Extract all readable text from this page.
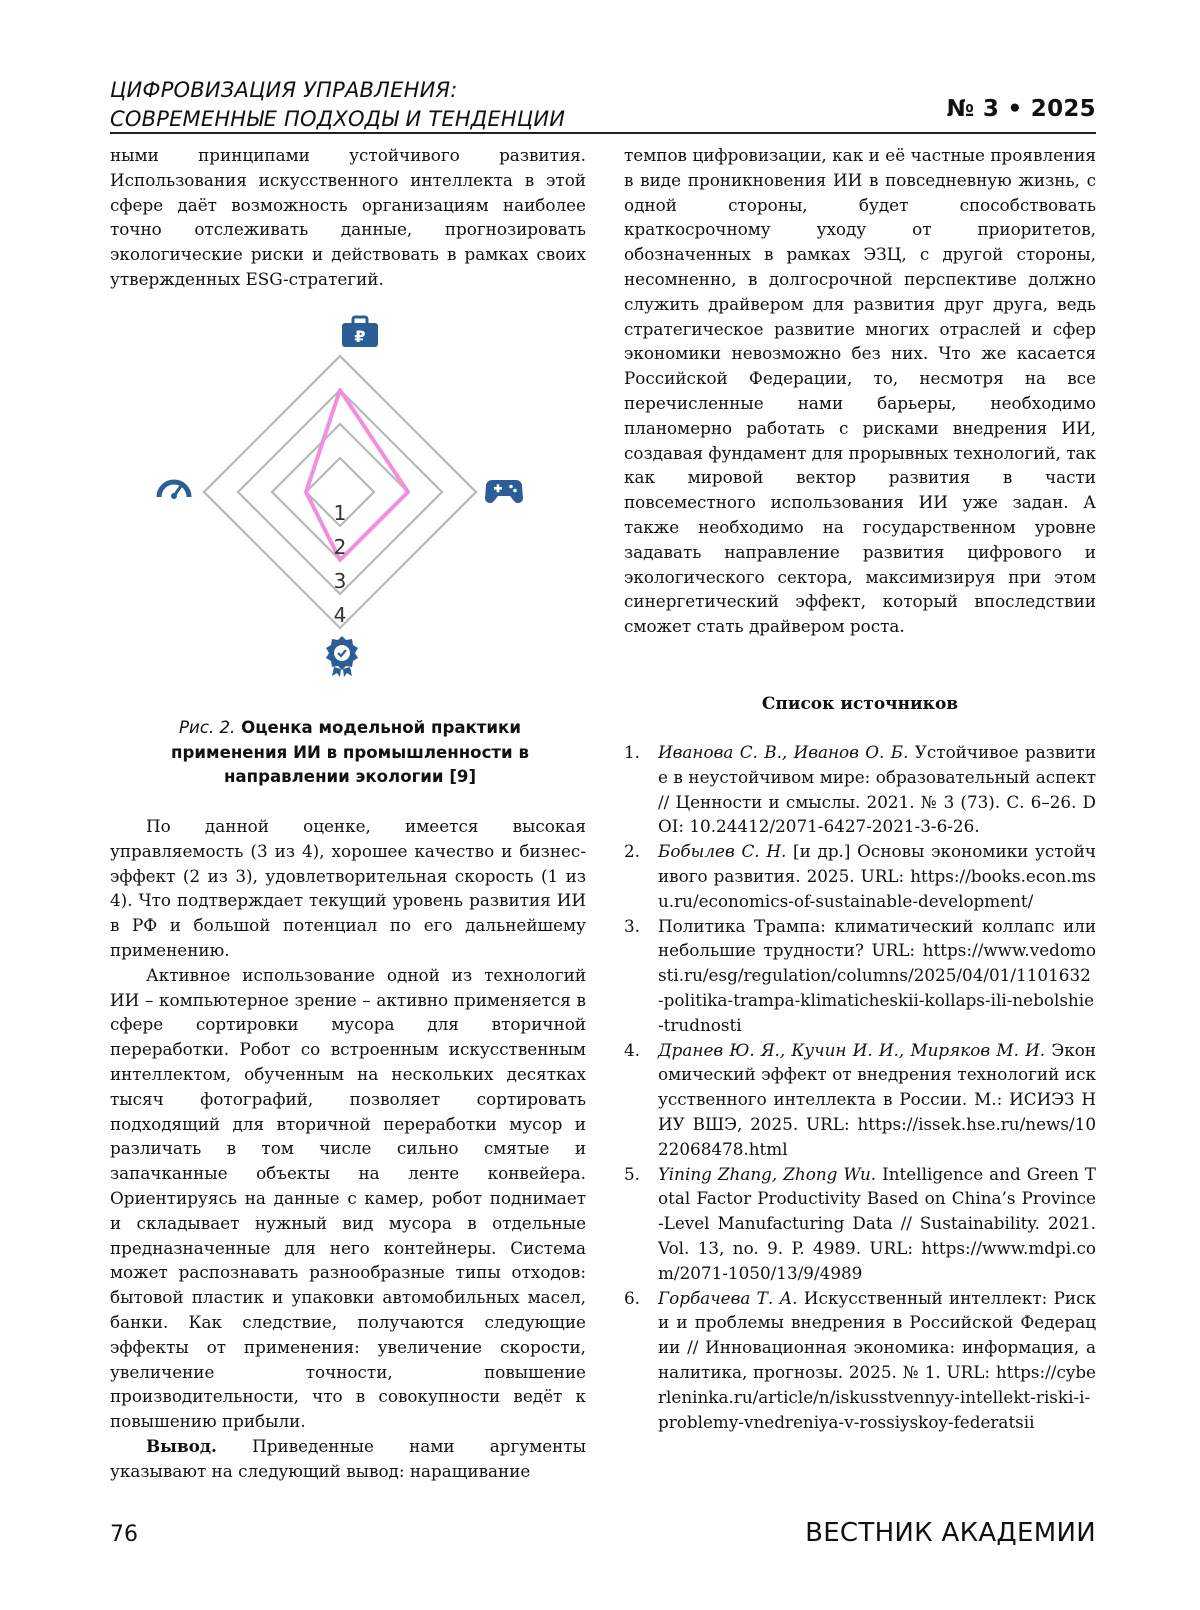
ЦИФРОВИЗАЦИЯ УПРАВЛЕНИЯ:
СОВРЕМЕННЫЕ ПОДХОДЫ И ТЕНДЕНЦИИ	№ 3 • 2025

ными принципами устойчивого развития. Использования искусственного интеллекта в этой сфере даёт возможность организациям наиболее точно отслеживать данные, прогнозировать экологические риски и действовать в рамках своих утвержденных ESG-стратегий.

1
2
3
4
₽
Рис. 2. Оценка модельной практики применения ИИ в промышленности в направлении экологии [9]

По данной оценке, имеется высокая управляемость (3 из 4), хорошее качество и бизнес-эффект (2 из 3), удовлетворительная скорость (1 из 4). Что подтверждает текущий уровень развития ИИ в РФ и большой потенциал по его дальнейшему применению.

Активное использование одной из технологий ИИ – компьютерное зрение – активно применяется в сфере сортировки мусора для вторичной переработки. Робот со встроенным искусственным интеллектом, обученным на нескольких десятках тысяч фотографий, позволяет сортировать подходящий для вторичной переработки мусор и различать в том числе сильно смятые и запачканные объекты на ленте конвейера. Ориентируясь на данные с камер, робот поднимает и складывает нужный вид мусора в отдельные предназначенные для него контейнеры. Система может распознавать разнообразные типы отходов: бытовой пластик и упаковки автомобильных масел, банки. Как следствие, получаются следующие эффекты от применения: увеличение скорости, увеличение точности, повышение производительности, что в совокупности ведёт к повышению прибыли.

Вывод. Приведенные нами аргументы указывают на следующий вывод: наращивание

темпов цифровизации, как и её частные проявления в виде проникновения ИИ в повседневную жизнь, с одной стороны, будет способствовать краткосрочному уходу от приоритетов, обозначенных в рамках ЭЗЦ, с другой стороны, несомненно, в долгосрочной перспективе должно служить драйвером для развития друг друга, ведь стратегическое развитие многих отраслей и сфер экономики невозможно без них. Что же касается Российской Федерации, то, несмотря на все перечисленные нами барьеры, необходимо планомерно работать с рисками внедрения ИИ, создавая фундамент для прорывных технологий, так как мировой вектор развития в части повсеместного использования ИИ уже задан. А также необходимо на государственном уровне задавать направление развития цифрового и экологического сектора, максимизируя при этом синергетический эффект, который впоследствии сможет стать драйвером роста.

Список источников
1. Иванова С. В., Иванов О. Б. Устойчивое развитие в неустойчивом мире: образовательный аспект // Ценности и смыслы. 2021. № 3 (73). С. 6–26. DOI: 10.24412/2071-6427-2021-3-6-26.
2. Бобылев С. Н. [и др.] Основы экономики устойчивого развития. 2025. URL: https://books.econ.msu.ru/economics-of-sustainable-development/
3. Политика Трампа: климатический коллапс или небольшие трудности? URL: https://www.vedomosti.ru/esg/regulation/columns/2025/04/01/1101632-politika-trampa-klimaticheskii-kollaps-ili-nebolshie-trudnosti
4. Дранев Ю. Я., Кучин И. И., Миряков М. И. Экономический эффект от внедрения технологий искусственного интеллекта в России. М.: ИСИЭЗ НИУ ВШЭ, 2025. URL: https://issek.hse.ru/news/1022068478.html
5. Yining Zhang, Zhong Wu. Intelligence and Green Total Factor Productivity Based on China’s Province-Level Manufacturing Data // Sustainability. 2021. Vol. 13, no. 9. P. 4989. URL: https://www.mdpi.com/2071-1050/13/9/4989
6. Горбачева Т. А. Искусственный интеллект: Риски и проблемы внедрения в Российской Федерации // Инновационная экономика: информация, аналитика, прогнозы. 2025. № 1. URL: https://cyberleninka.ru/article/n/iskusstvennyy-intellekt-riski-i-problemy-vnedreniya-v-rossiyskoy-federatsii
76	ВЕСТНИК АКАДЕМИИ
